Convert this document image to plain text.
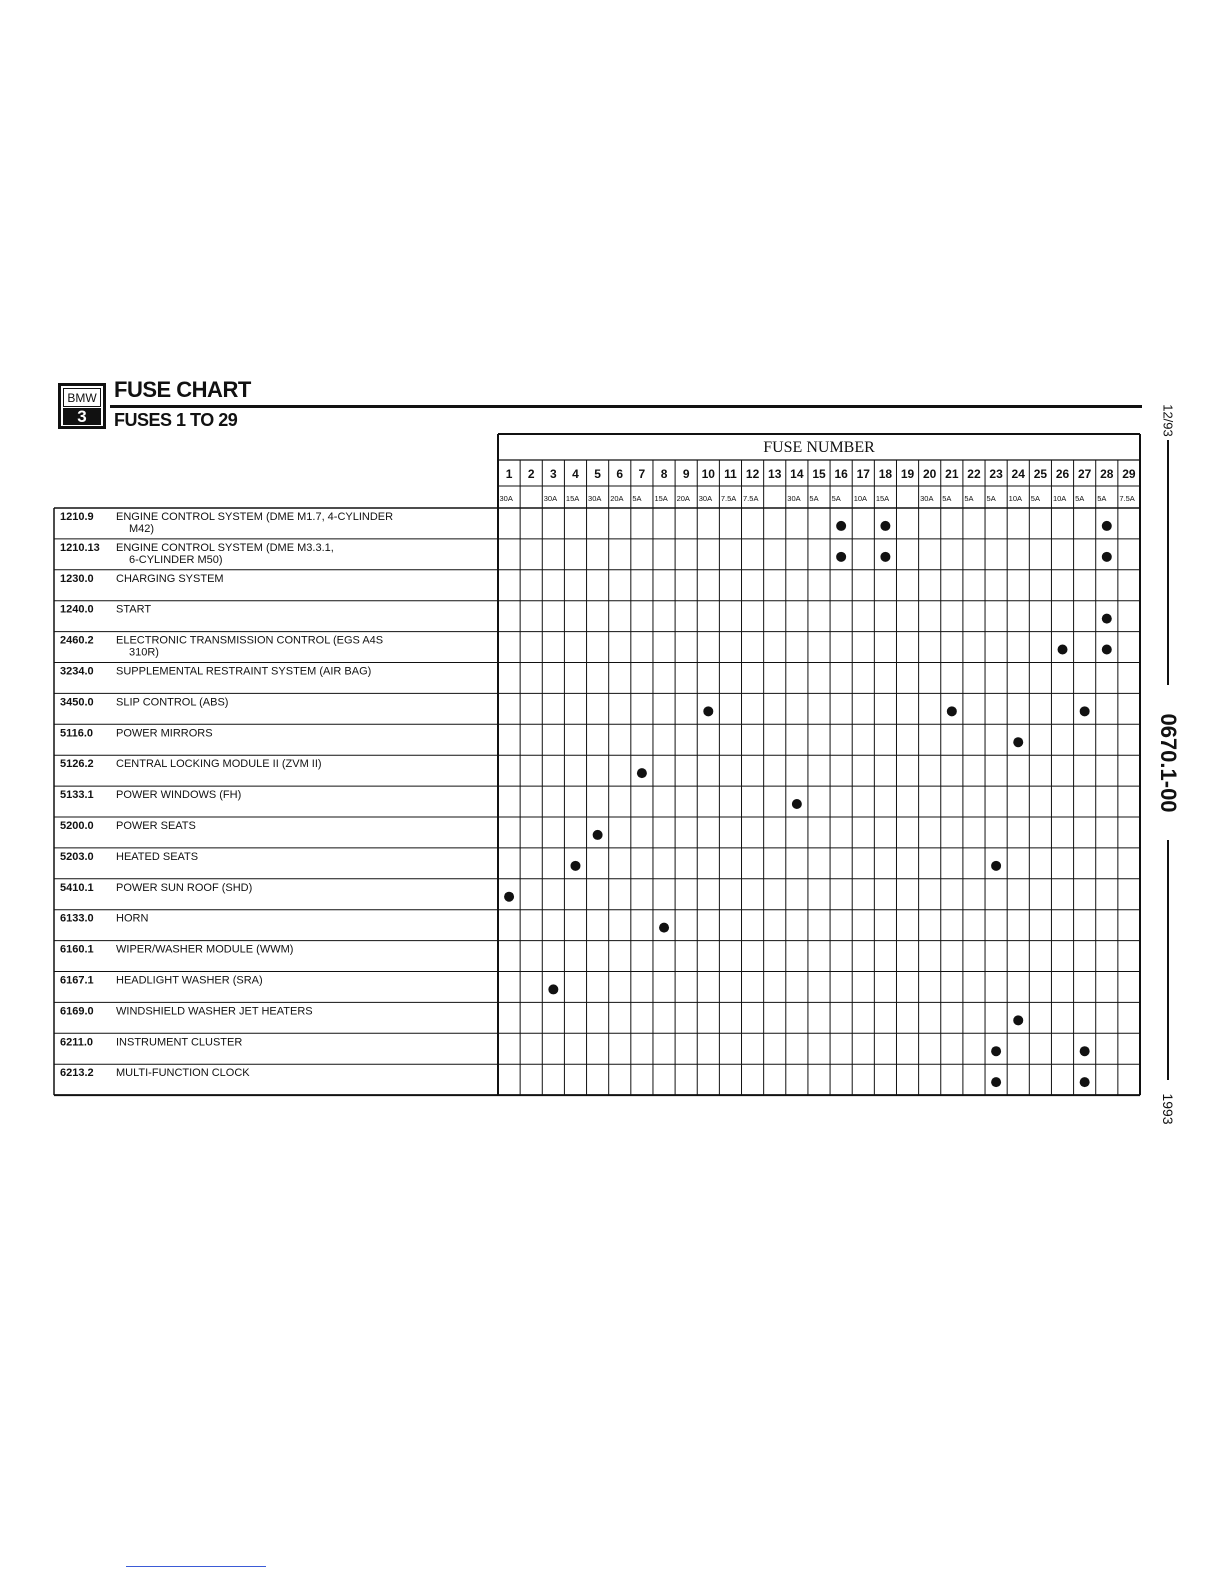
BMW
3
FUSE CHART
FUSES 1 TO 29
FUSE NUMBER
1
30A
2 3
30A
4
15A
5
30A
6
20A
7
5A
8
15A
9
20A
10
30A
11
7.5A
12
7.5A
13 14
30A
15
5A
16
5A
17
10A
18
15A
19 20
30A
21
5A
22
5A
23
5A
24
10A
25
5A
26
10A
27
5A
28
5A
29
7.5A
1210.9 ENGINE CONTROL SYSTEM (DME M1.7, 4-CYLINDER M42)
1210.13 ENGINE CONTROL SYSTEM (DME M3.3.1, 6-CYLINDER M50)
1230.0 CHARGING SYSTEM
1240.0 START
2460.2 ELECTRONIC TRANSMISSION CONTROL (EGS A4S 310R)
3234.0 SUPPLEMENTAL RESTRAINT SYSTEM (AIR BAG)
3450.0 SLIP CONTROL (ABS)
5116.0 POWER MIRRORS
5126.2 CENTRAL LOCKING MODULE II (ZVM II)
5133.1 POWER WINDOWS (FH)
5200.0 POWER SEATS
5203.0 HEATED SEATS
5410.1 POWER SUN ROOF (SHD)
6133.0 HORN
6160.1 WIPER/WASHER MODULE (WWM)
6167.1 HEADLIGHT WASHER (SRA)
6169.0 WINDSHIELD WASHER JET HEATERS
6211.0 INSTRUMENT CLUSTER
6213.2 MULTI-FUNCTION CLOCK
12/93
0670.1-00
1993
